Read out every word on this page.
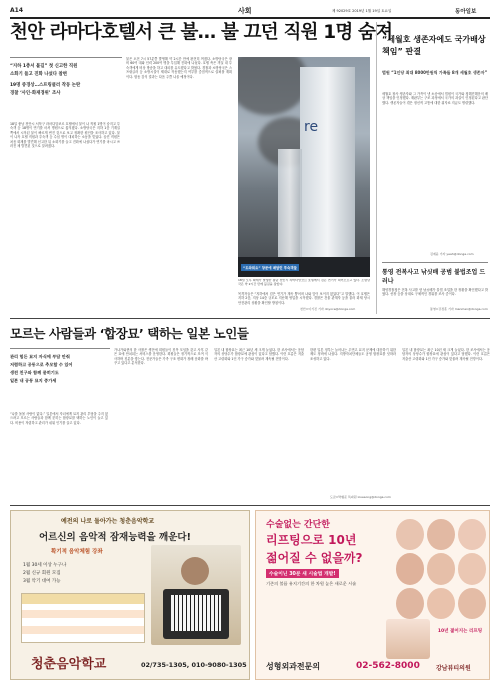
A14	사회	제 92029호 2019년 1월 19일 토요일	동아일보
천안 라마다호텔서 큰 불… 불 끄던 직원 1명 숨져
“지하 1층서 불길” 첫 신고한 직원
소화기 들고 진화 나섰다 참변
19명 중경상…스프링클러 작동 논란
경찰 ‘사인·화재경위’ 조사
18일 충남 천안시 서북구 라마다앙코르 호텔에서 불이 나 직원 1명이 숨지고 투숙객 등 18명이 연기를 마셔 병원으로 옮겨졌다. 소방당국은 지하 1층 기계실 쪽에서 시작된 불이 빠르게 번진 것으로 보고 정확한 원인을 조사하고 있다. 불이 나자 호텔 직원과 투숙객 등 수십 명이 대피하는 소동을 빚었다. 숨진 직원은 처음 화재를 발견해 신고한 뒤 소화기를 들고 진화에 나섰다가 연기를 마시고 쓰러진 채 발견된 것으로 알려졌다.
불은 오전 7시 57분쯤 발생해 약 2시간 만에 완전히 꺼졌다. 소방당국은 장비 60여 대와 인력 200여 명을 투입해 진화에 나섰다. 호텔 측은 객실 내 투숙객에게 비상 방송을 하고 대피를 유도했다고 밝혔다. 경찰과 소방당국은 스프링클러 등 소방시설이 제대로 작동했는지 여부를 중점적으로 살펴볼 계획이다. 합동 감식 결과는 다음 주쯤 나올 예정이다.
re
“도와줘요” 창문에 매달린 투숙객들
18일 오후 화재가 발생한 충남 천안시 라마다앙코르 호텔에서 검은 연기가 피어오르고 있다. 소방당국은 약 2시간 만에 불길을 잡았다.
목격자들은 “지하에서 검은 연기가 계속 뿜어져 나와 앞이 보이지 않았다”고 말했다. 이 호텔은 지하 2층, 지상 14층 규모로 지난해 영업을 시작했다. 경찰은 건물 관계자 등을 불러 화재 당시 안전관리 상황을 확인할 방침이다.
천안=이기진 기자 doyoce@donga.com
“세월호 생존자에도 국가배상책임” 판결
법원 “1인당 최대 8000만원씩 가족들 8개 세월호 생존자”
세월호 참사 생존자와 그 가족이 낸 소송에서 법원이 국가와 청해진해운의 배상 책임을 인정했다. 재판부는 구조 과정에서 국가의 과실이 인정된다고 판단했다. 생존자들이 겪은 정신적 고통에 대한 위자료 지급도 명령했다.
김예윤 기자 yeah@donga.com
통영 전복사고 낚싯배 공범 불법조업 드러나
해양경찰청은 전복 사고를 낸 낚싯배가 불법 조업을 한 정황을 확인했다고 밝혔다. 선장 등을 상대로 구체적인 경위를 조사 중이다.
통영=강정훈 기자 manman@donga.com
모르는 사람들과 ‘합장묘’ 택하는 일본 노인들
관리 힘든 묘지 자식에 부담 안줘
저렴하고 공동으로 추모할 수 있어
생전 친구와 함께 묻히기도
일본 내 공동 묘지 증가세
“나를 돌볼 사람이 없다.” 일본에서 자녀에게 묘지 관리 부담을 주지 않으려고 모르는 사람들과 함께 묻히는 합장묘를 택하는 노인이 늘고 있다. 비용이 저렴하고 관리가 쉬워 인기를 끌고 있다.
가나가와현의 한 사찰은 생전에 회원들이 친목 모임을 갖고 사후 같은 묘에 안치되는 서비스를 운영한다. 회원들은 정기적으로 모여 식사하며 친분을 쌓는다. 전문가들은 가족 구조 변화가 장례 문화를 바꾸고 있다고 분석한다.
일본 내 합장묘는 최근 10년 새 크게 늘었다. 한 조사에서는 응답자의 상당수가 합장묘에 관심이 있다고 답했다. 이런 흐름은 저출산 고령화와 1인 가구 증가와 맞물려 계속될 전망이다.
한편 일본 정부는 늘어나는 무연고 묘지 문제에 대응하기 위한 제도 정비에 나섰다. 지방자치단체들도 공영 합장묘를 잇따라 조성하고 있다.
일본 내 합장묘는 최근 10년 새 크게 늘었다. 한 조사에서는 응답자의 상당수가 합장묘에 관심이 있다고 답했다. 이런 흐름은 저출산 고령화와 1인 가구 증가와 맞물려 계속될 전망이다.
도쿄=박형준 특파원 lovesong@donga.com
예전의 나로 돌아가는 청춘음악학교
어르신의 음악적 잠재능력을 깨운다!
확기적 음악체험 강좌
1월 30세 이상 누구나
2월 신규 회원 모집
3월 악기 대여 가능
청춘음악학교	02/735-1305, 010-9080-1305
수술없는 간단한
리프팅으로 10년
젊어질 수 없을까?
수술이닌 30분 새 시술법 개발!
기존의 볼륨 유지기간의 한 차원 높은 새로운 시술
10년 젊어지는 리프팅
성형외과전문의	02-562-8000	강남뷰티의원
